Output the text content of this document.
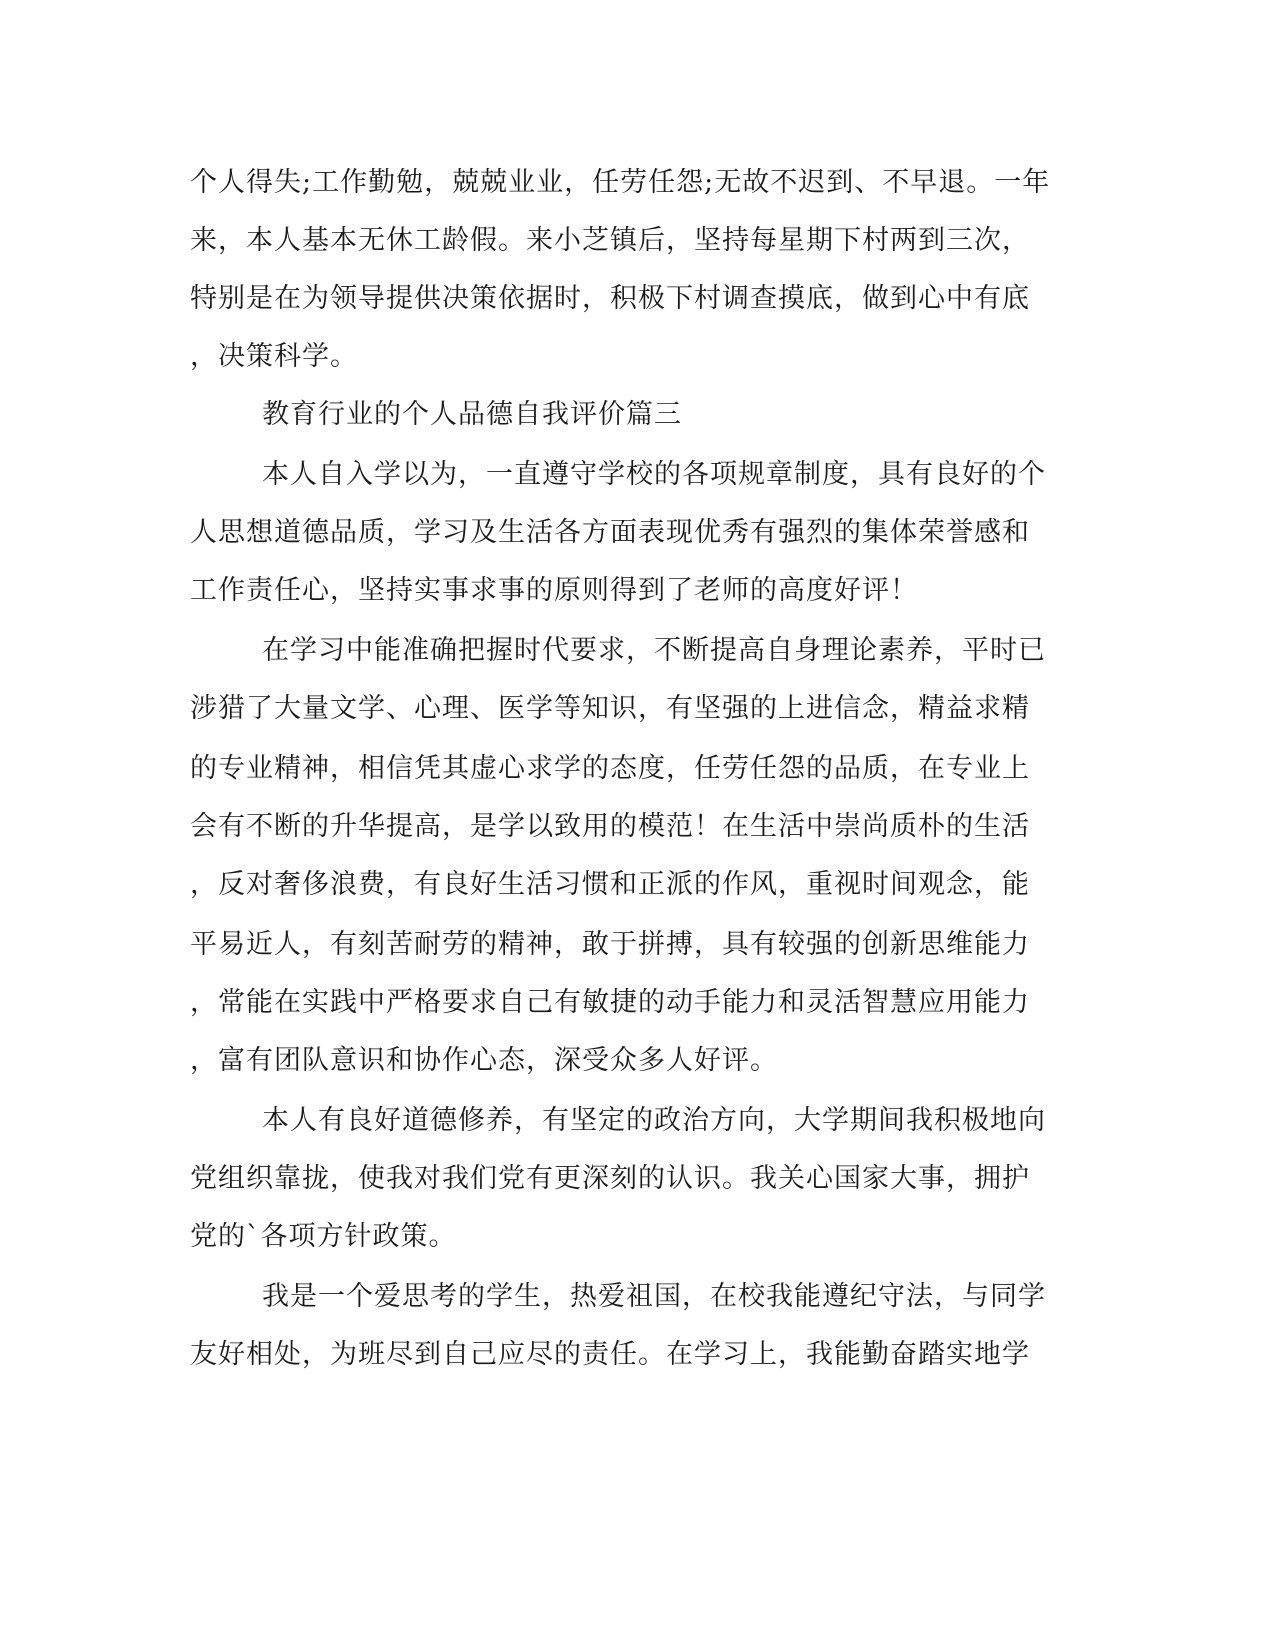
个人得失;工作勤勉，兢兢业业，任劳任怨;无故不迟到、不早退。一年
来，本人基本无休工龄假。来小芝镇后，坚持每星期下村两到三次，
特别是在为领导提供决策依据时，积极下村调查摸底，做到心中有底
，决策科学。
教育行业的个人品德自我评价篇三
本人自入学以为，一直遵守学校的各项规章制度，具有良好的个
人思想道德品质，学习及生活各方面表现优秀有强烈的集体荣誉感和
工作责任心，坚持实事求事的原则得到了老师的高度好评！
在学习中能准确把握时代要求，不断提高自身理论素养，平时已
涉猎了大量文学、心理、医学等知识，有坚强的上进信念，精益求精
的专业精神，相信凭其虚心求学的态度，任劳任怨的品质，在专业上
会有不断的升华提高，是学以致用的模范！在生活中崇尚质朴的生活
，反对奢侈浪费，有良好生活习惯和正派的作风，重视时间观念，能
平易近人，有刻苦耐劳的精神，敢于拼搏，具有较强的创新思维能力
，常能在实践中严格要求自己有敏捷的动手能力和灵活智慧应用能力
，富有团队意识和协作心态，深受众多人好评。
本人有良好道德修养，有坚定的政治方向，大学期间我积极地向
党组织靠拢，使我对我们党有更深刻的认识。我关心国家大事，拥护
党的`各项方针政策。
我是一个爱思考的学生，热爱祖国，在校我能遵纪守法，与同学
友好相处，为班尽到自己应尽的责任。在学习上，我能勤奋踏实地学
